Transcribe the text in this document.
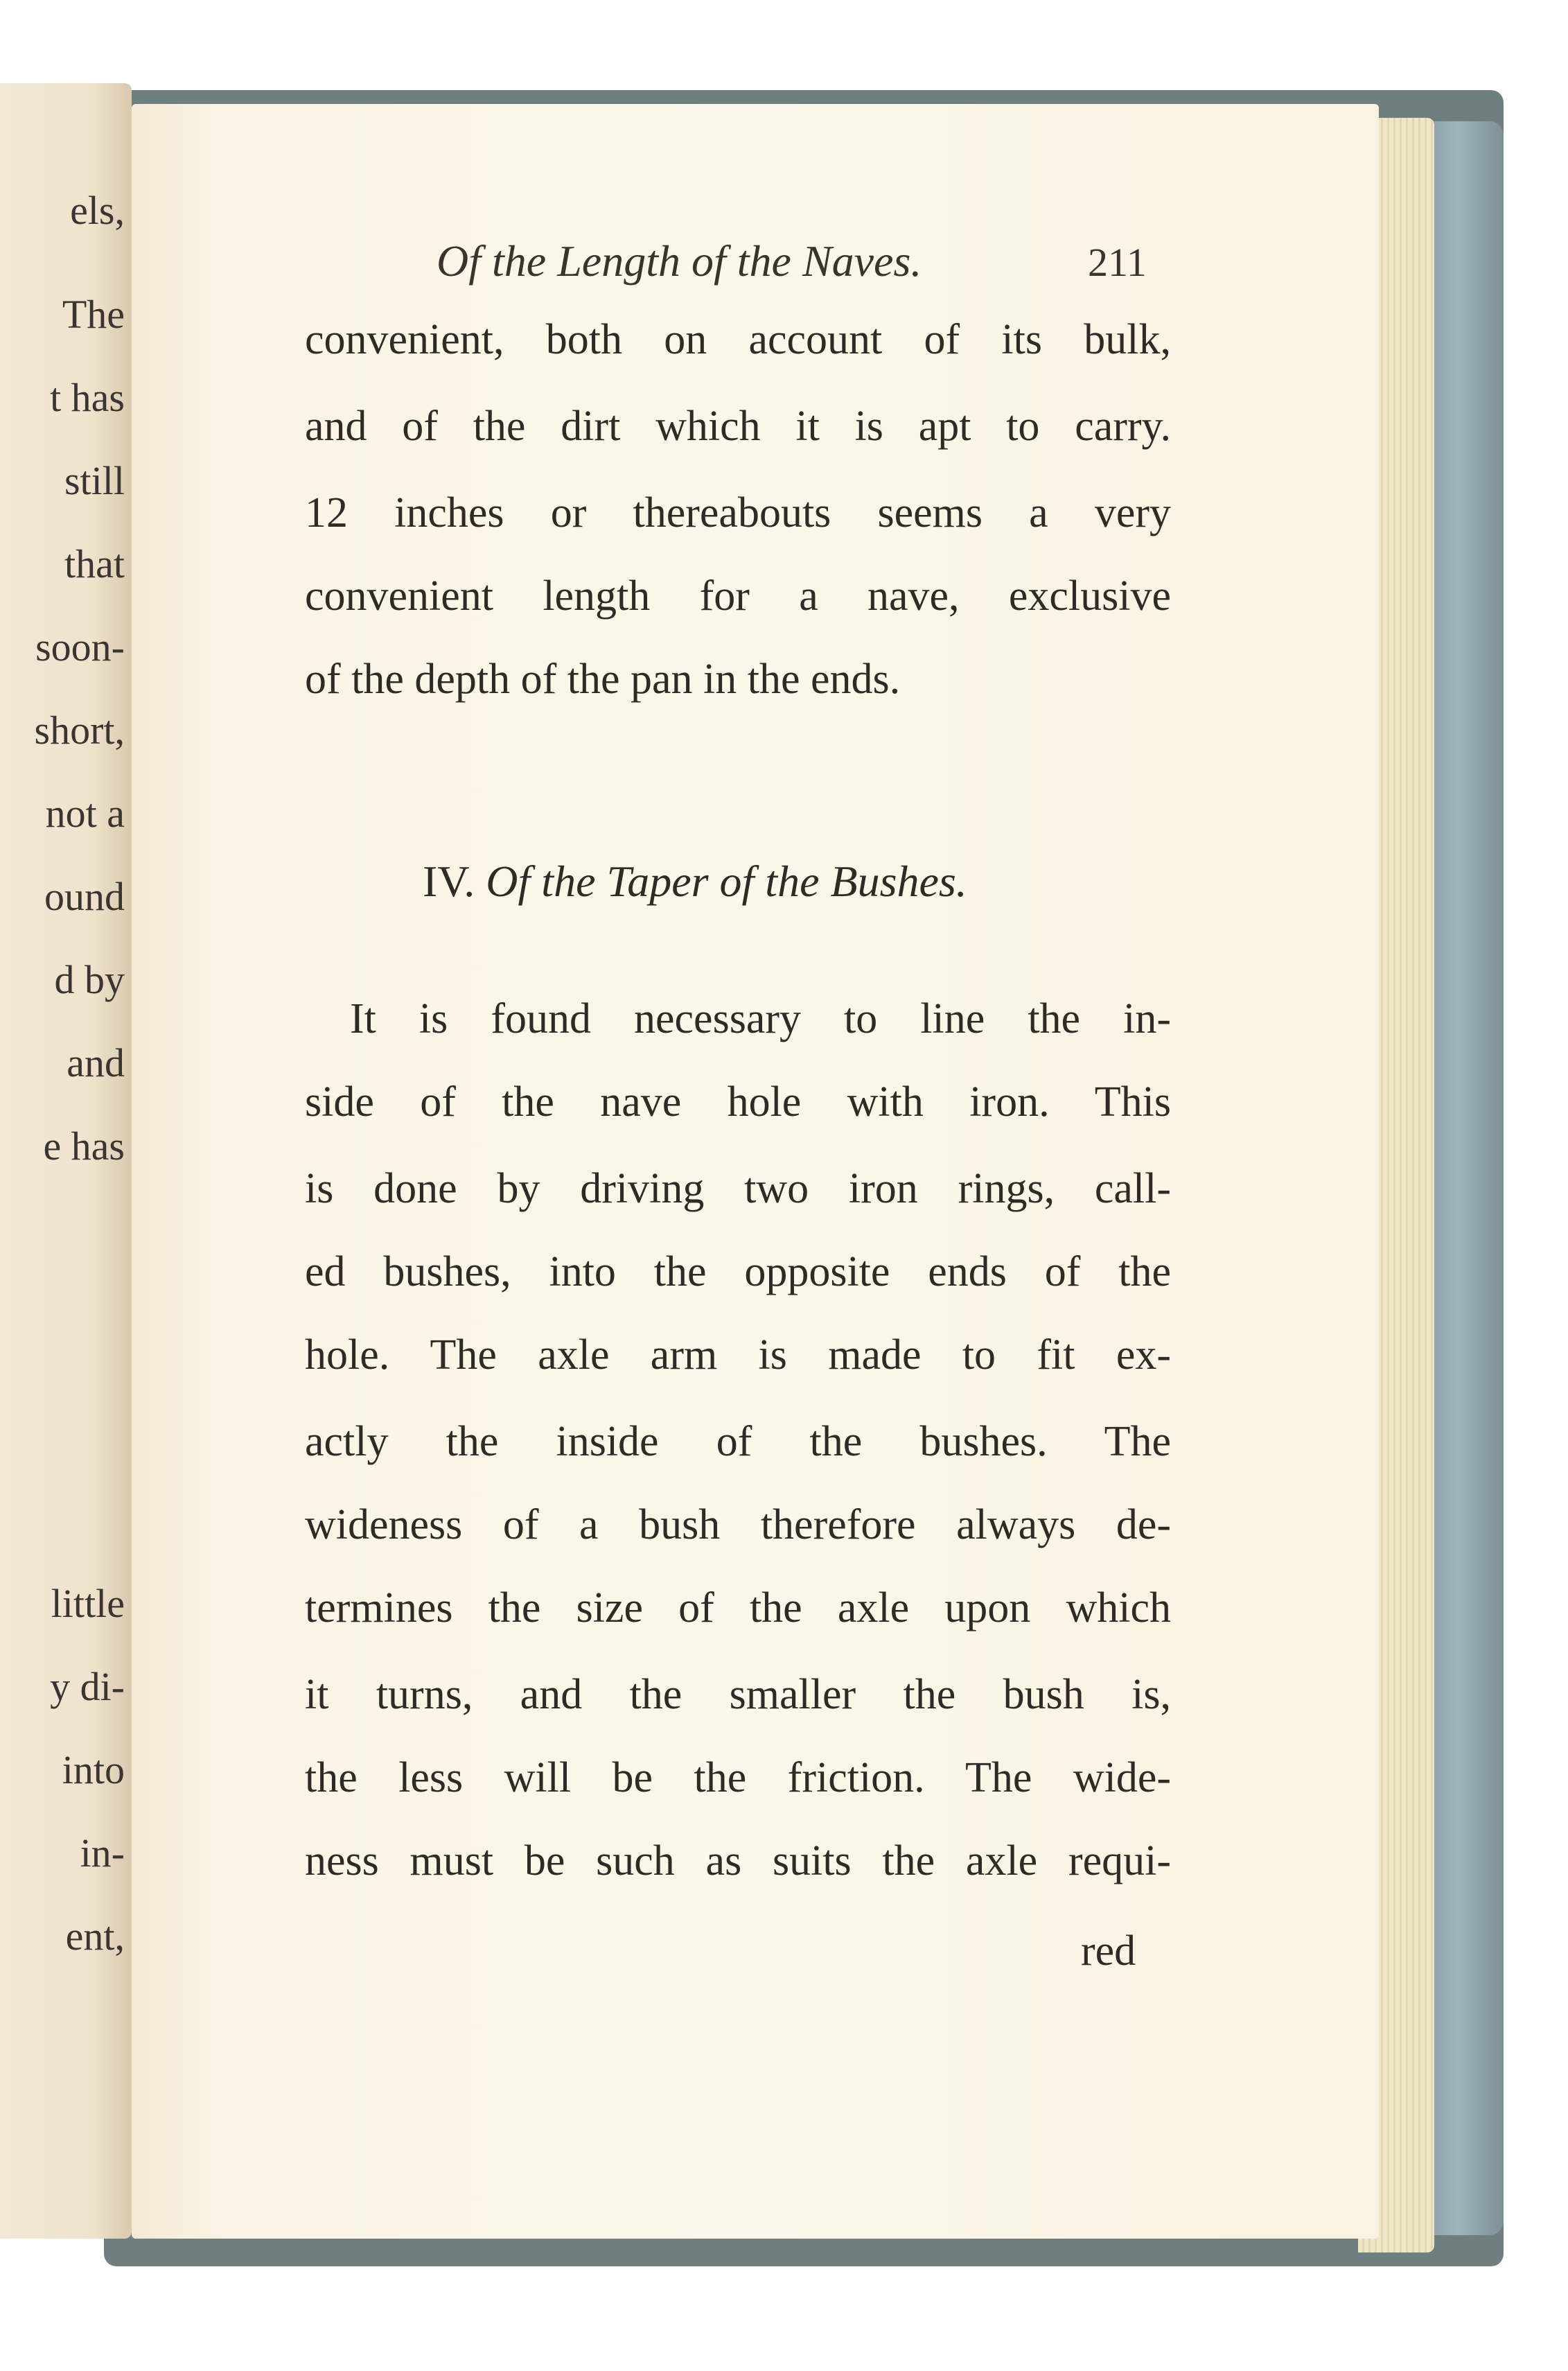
els,
The
t has
still
that
soon-
short,
not a
ound
d by
and
e has
little
y di-
into
in-
ent,
Of the Length of the Naves.	211
convenient, both on account of its bulk,
and of the dirt which it is apt to carry.
12 inches or thereabouts seems a very
convenient length for a nave, exclusive
of the depth of the pan in the ends.
IV. Of the Taper of the Bushes.
It is found necessary to line the in-
side of the nave hole with iron. This
is done by driving two iron rings, call-
ed bushes, into the opposite ends of the
hole. The axle arm is made to fit ex-
actly the inside of the bushes. The
wideness of a bush therefore always de-
termines the size of the axle upon which
it turns, and the smaller the bush is,
the less will be the friction. The wide-
ness must be such as suits the axle requi-
red
